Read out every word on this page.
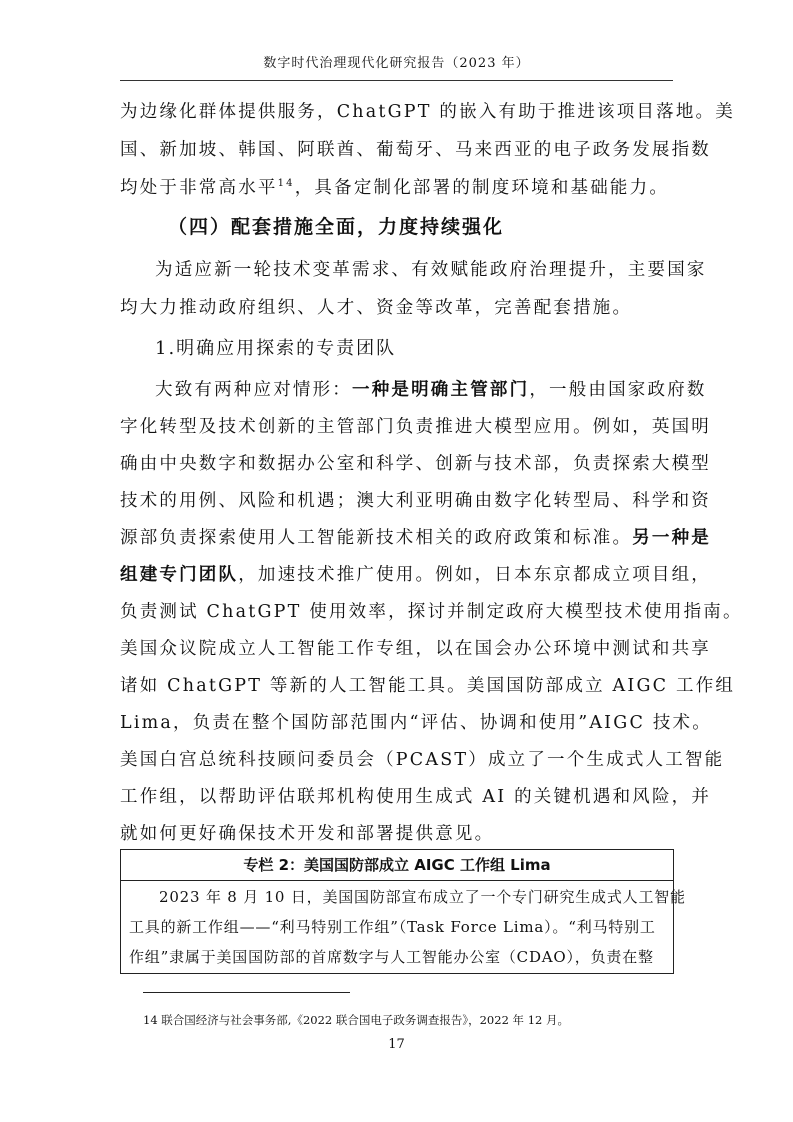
数字时代治理现代化研究报告（2023 年）
为边缘化群体提供服务，ChatGPT 的嵌入有助于推进该项目落地。美
国、新加坡、韩国、阿联酋、葡萄牙、马来西亚的电子政务发展指数
均处于非常高水平$^{14}$，具备定制化部署的制度环境和基础能力。
（四）配套措施全面，力度持续强化
为适应新一轮技术变革需求、有效赋能政府治理提升，主要国家
均大力推动政府组织、人才、资金等改革，完善配套措施。
1.明确应用探索的专责团队
大致有两种应对情形：一种是明确主管部门，一般由国家政府数
字化转型及技术创新的主管部门负责推进大模型应用。例如，英国明
确由中央数字和数据办公室和科学、创新与技术部，负责探索大模型
技术的用例、风险和机遇；澳大利亚明确由数字化转型局、科学和资
源部负责探索使用人工智能新技术相关的政府政策和标准。另一种是
组建专门团队，加速技术推广使用。例如，日本东京都成立项目组，
负责测试 ChatGPT 使用效率，探讨并制定政府大模型技术使用指南。
美国众议院成立人工智能工作专组，以在国会办公环境中测试和共享
诸如 ChatGPT 等新的人工智能工具。美国国防部成立 AIGC 工作组
Lima，负责在整个国防部范围内“评估、协调和使用”AIGC 技术。
美国白宫总统科技顾问委员会（PCAST）成立了一个生成式人工智能
工作组，以帮助评估联邦机构使用生成式 AI 的关键机遇和风险，并
就如何更好确保技术开发和部署提供意见。
专栏 2：美国国防部成立 AIGC 工作组 Lima
2023 年 8 月 10 日，美国国防部宣布成立了一个专门研究生成式人工智能
工具的新工作组——“利马特别工作组”（Task Force Lima）。“利马特别工
作组”隶属于美国国防部的首席数字与人工智能办公室（CDAO），负责在整
14 联合国经济与社会事务部,《2022 联合国电子政务调查报告》，2022 年 12 月。
17
